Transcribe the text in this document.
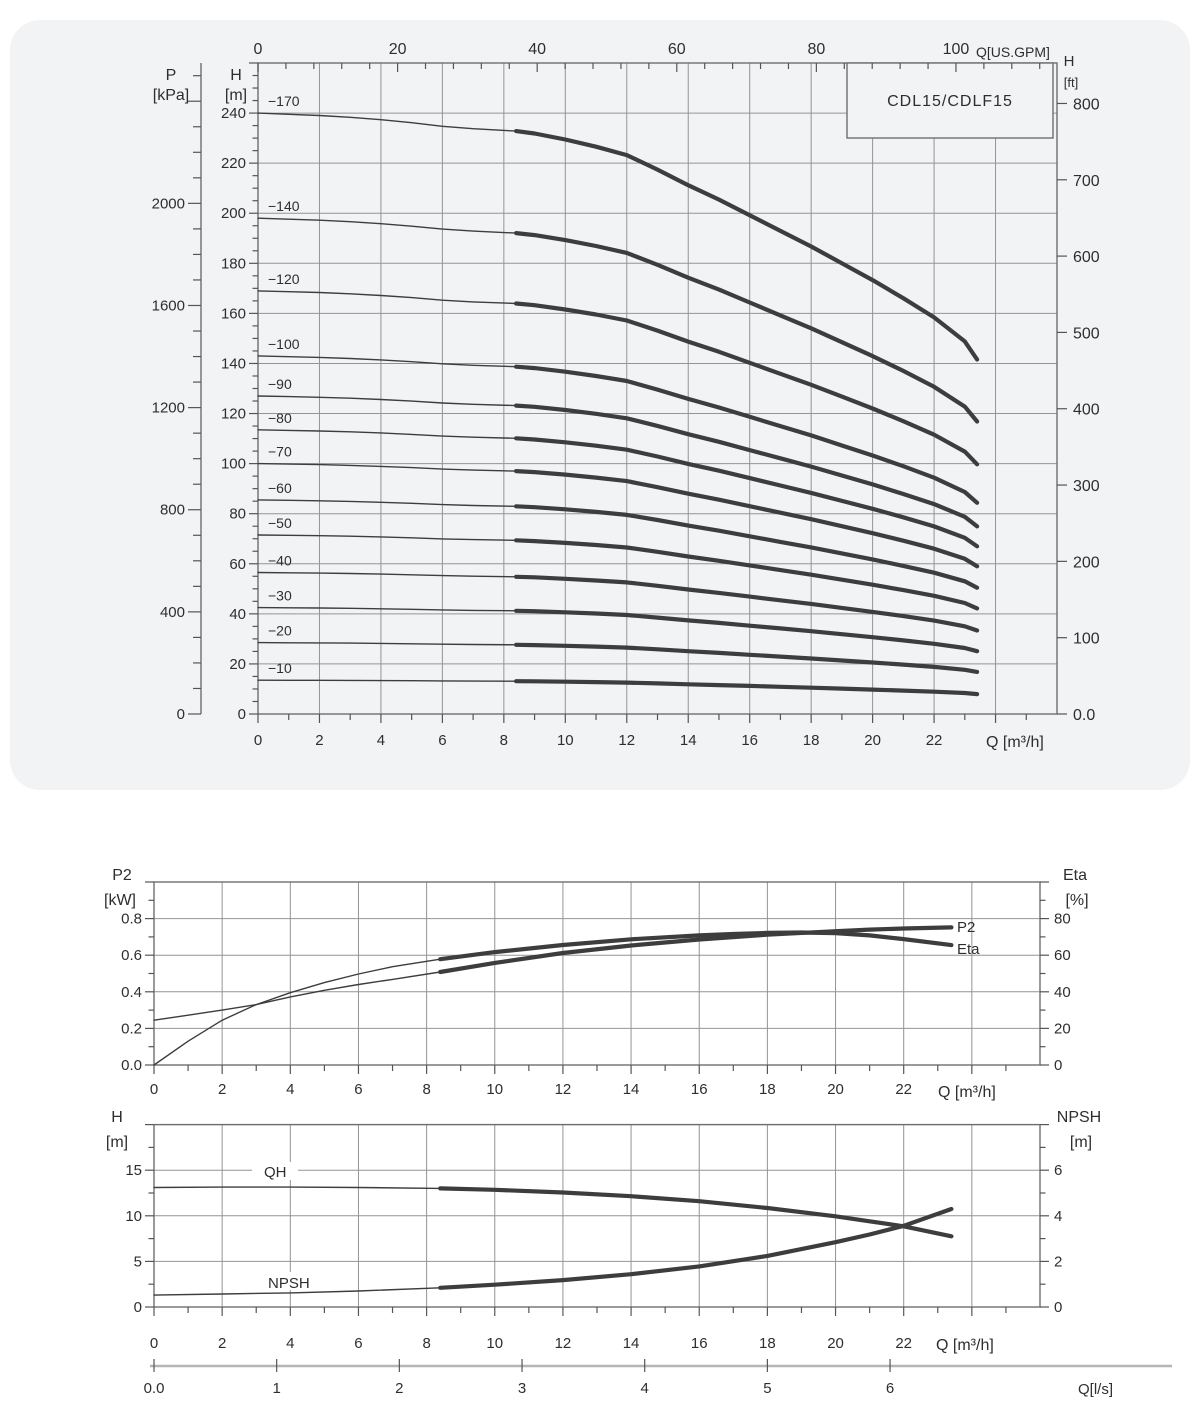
0	2	4	6	8	10	12	14	16	18	20	22
0
20
40
60
80
100
120
140
160
180
200
220
240
0
400
800
1200
1600
2000
0.0
100
200
300
400
500
600
700
800
−170
−140
−120
−100
−90
−80
−70
−60
−50
−40
−30
−20
−10
CDL15/CDLF15
0	20	40	60	80	100
0	2	4	6	8	10	12	14	16	18	20	22
0.0
0.2
0.4
0.6
0.8
0
20
40
60
80
0	2	4	6	8	10	12	14	16	18	20	22
0
5
10
15
0
2
4
6
0.0	1	2	3	4	5	6
P
[kPa]
H
[m]
Q[US.GPM]
H
[ft]
Q [m³/h]
P2
[kW]
Eta
[%]
Q [m³/h]
P2
Eta
H
[m]
NPSH
[m]
QH
NPSH
Q [m³/h]
Q[l/s]
